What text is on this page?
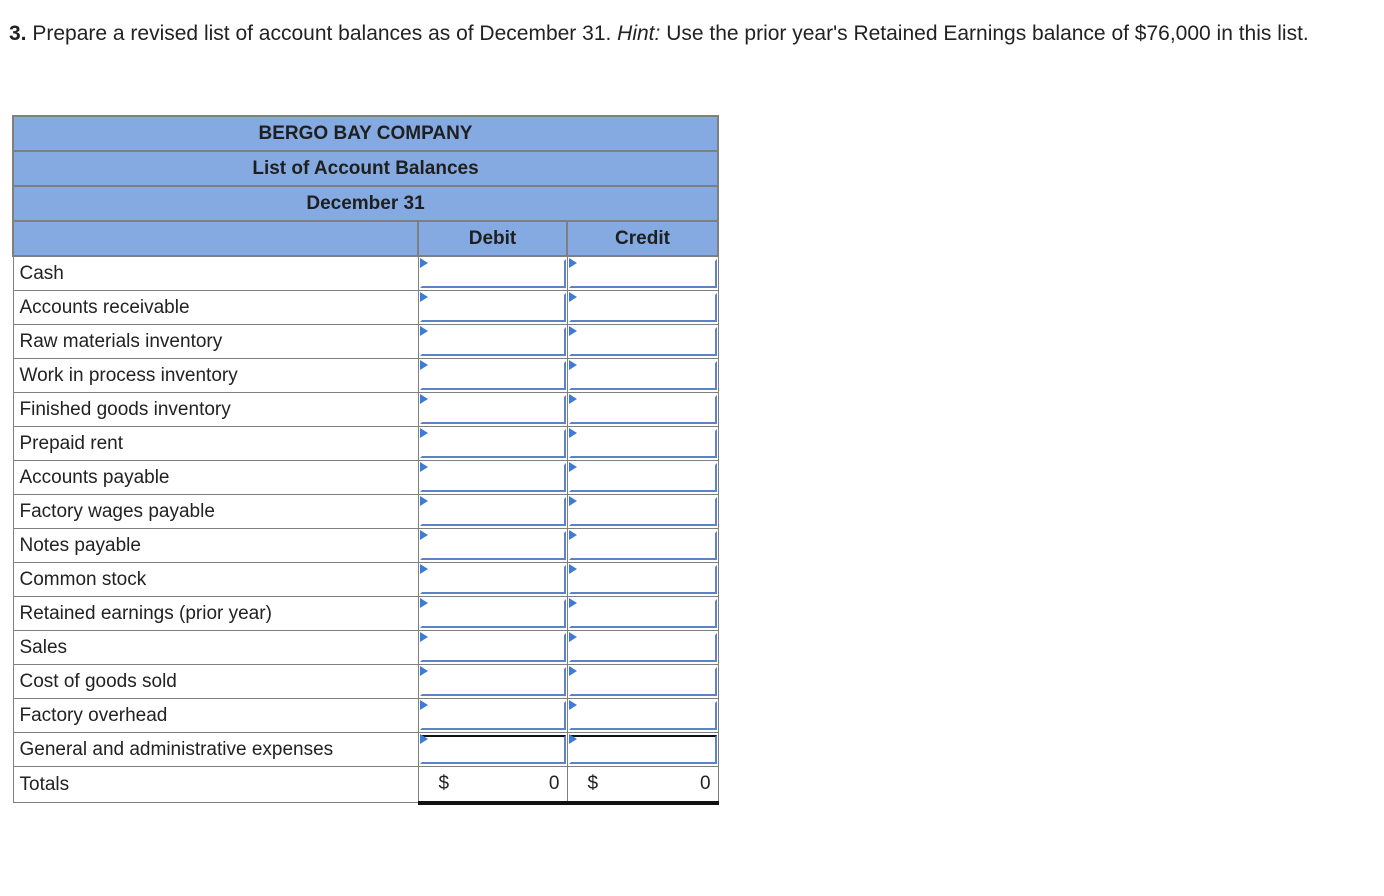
3. Prepare a revised list of account balances as of December 31. Hint: Use the prior year's Retained Earnings balance of $76,000 in this list.
BERGO BAY COMPANY		
List of Account Balances		
December 31		
	Debit	Credit
Cash	

Accounts receivable	

Raw materials inventory	

Work in process inventory	

Finished goods inventory	

Prepaid rent	

Accounts payable	

Factory wages payable	

Notes payable	

Common stock	

Retained earnings (prior year)	

Sales	

Cost of goods sold	

Factory overhead	

General and administrative expenses	

Totals	$ 0	$ 0
